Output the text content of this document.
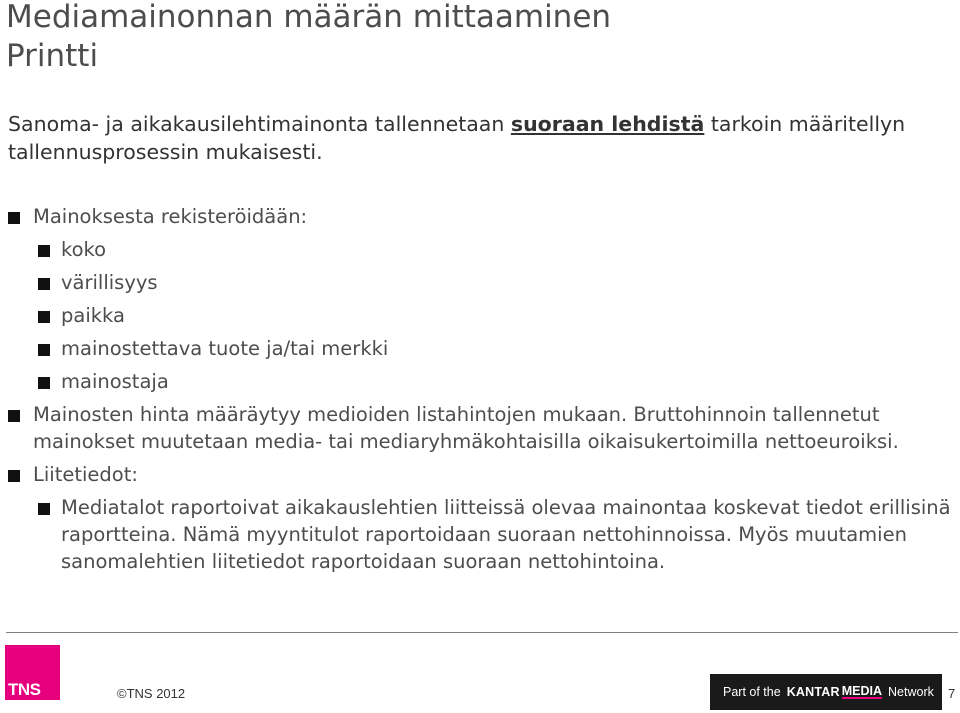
Mediamainonnan määrän mittaaminen
Printti
Sanoma- ja aikakausilehtimainonta tallennetaan suoraan lehdistä tarkoin määritellyn tallennusprosessin mukaisesti.
Mainoksesta rekisteröidään:
koko
värillisyys
paikka
mainostettava tuote ja/tai merkki
mainostaja
Mainosten hinta määräytyy medioiden listahintojen mukaan. Bruttohinnoin tallennetut mainokset muutetaan media- tai mediaryhmäkohtaisilla oikaisukertoimilla nettoeuroiksi.
Liitetiedot:
Mediatalot raportoivat aikakauslehtien liitteissä olevaa mainontaa koskevat tiedot erillisinä raportteina. Nämä myyntitulot raportoidaan suoraan nettohinnoissa. Myös muutamien sanomalehtien liitetiedot raportoidaan suoraan nettohintoina.
TNS	©TNS 2012	Part of the KANTAR MEDIA Network 7
